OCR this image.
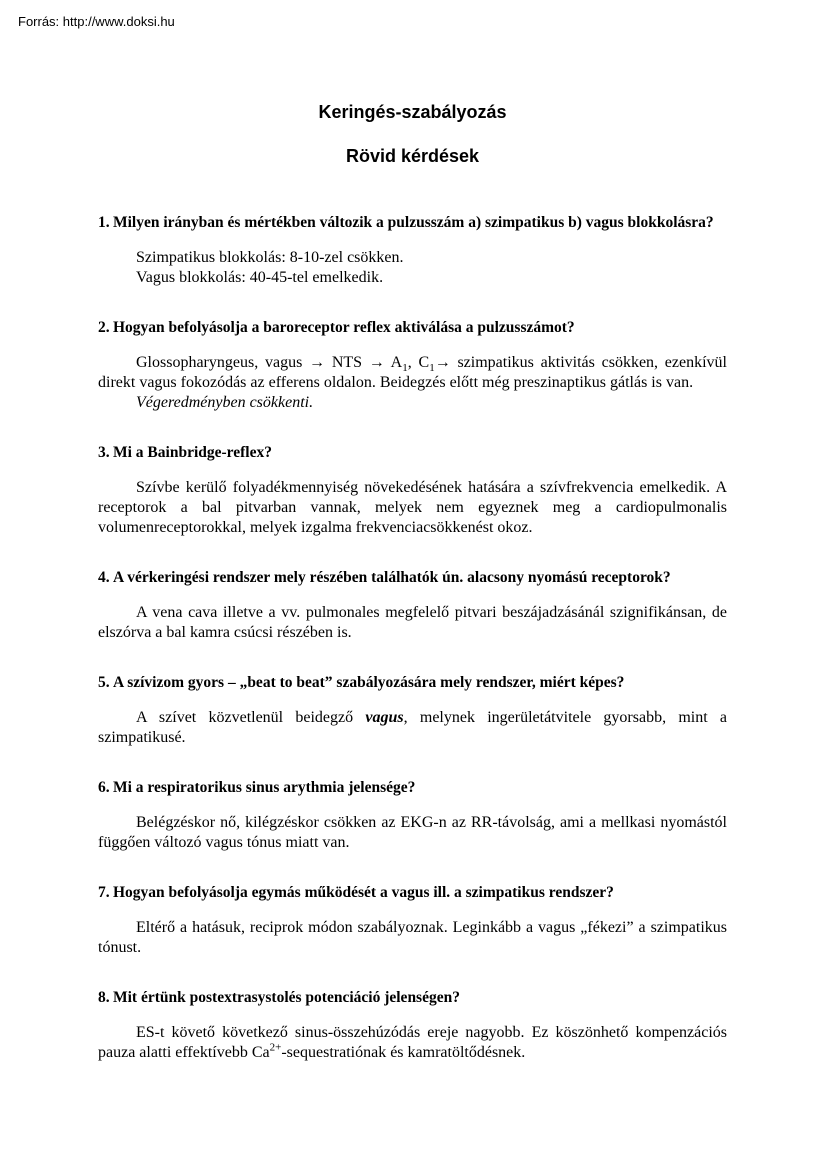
Forrás: http://www.doksi.hu
Keringés-szabályozás
Rövid kérdések

1. Milyen irányban és mértékben változik a pulzusszám a) szimpatikus b) vagus blokkolásra?

Szimpatikus blokkolás: 8-10-zel csökken.

Vagus blokkolás: 40-45-tel emelkedik.

2. Hogyan befolyásolja a baroreceptor reflex aktiválása a pulzusszámot?

Glossopharyngeus, vagus → NTS → $A_1$, $C_1\to$ szimpatikus aktivitás csökken, ezenkívül direkt vagus fokozódás az efferens oldalon. Beidegzés előtt még preszinaptikus gátlás is van.

Végeredményben csökkenti.

3. Mi a Bainbridge-reflex?

Szívbe kerülő folyadékmennyiség növekedésének hatására a szívfrekvencia emelkedik. A receptorok a bal pitvarban vannak, melyek nem egyeznek meg a cardiopulmonalis volumenreceptorokkal, melyek izgalma frekvenciacsökkenést okoz.

4. A vérkeringési rendszer mely részében találhatók ún. alacsony nyomású receptorok?

A vena cava illetve a vv. pulmonales megfelelő pitvari beszájadzásánál szignifikánsan, de elszórva a bal kamra csúcsi részében is.

5. A szívizom gyors – „beat to beat” szabályozására mely rendszer, miért képes?

A szívet közvetlenül beidegző vagus, melynek ingerületátvitele gyorsabb, mint a szimpatikusé.

6. Mi a respiratorikus sinus arythmia jelensége?

Belégzéskor nő, kilégzéskor csökken az EKG-n az RR-távolság, ami a mellkasi nyomástól függően változó vagus tónus miatt van.

7. Hogyan befolyásolja egymás működését a vagus ill. a szimpatikus rendszer?

Eltérő a hatásuk, reciprok módon szabályoznak. Leginkább a vagus „fékezi” a szimpatikus tónust.

8. Mit értünk postextrasystolés potenciáció jelenségen?

ES-t követő következő sinus-összehúzódás ereje nagyobb. Ez köszönhető kompenzációs pauza alatti effektívebb $Ca^{2+}$-sequestratiónak és kamratöltődésnek.
